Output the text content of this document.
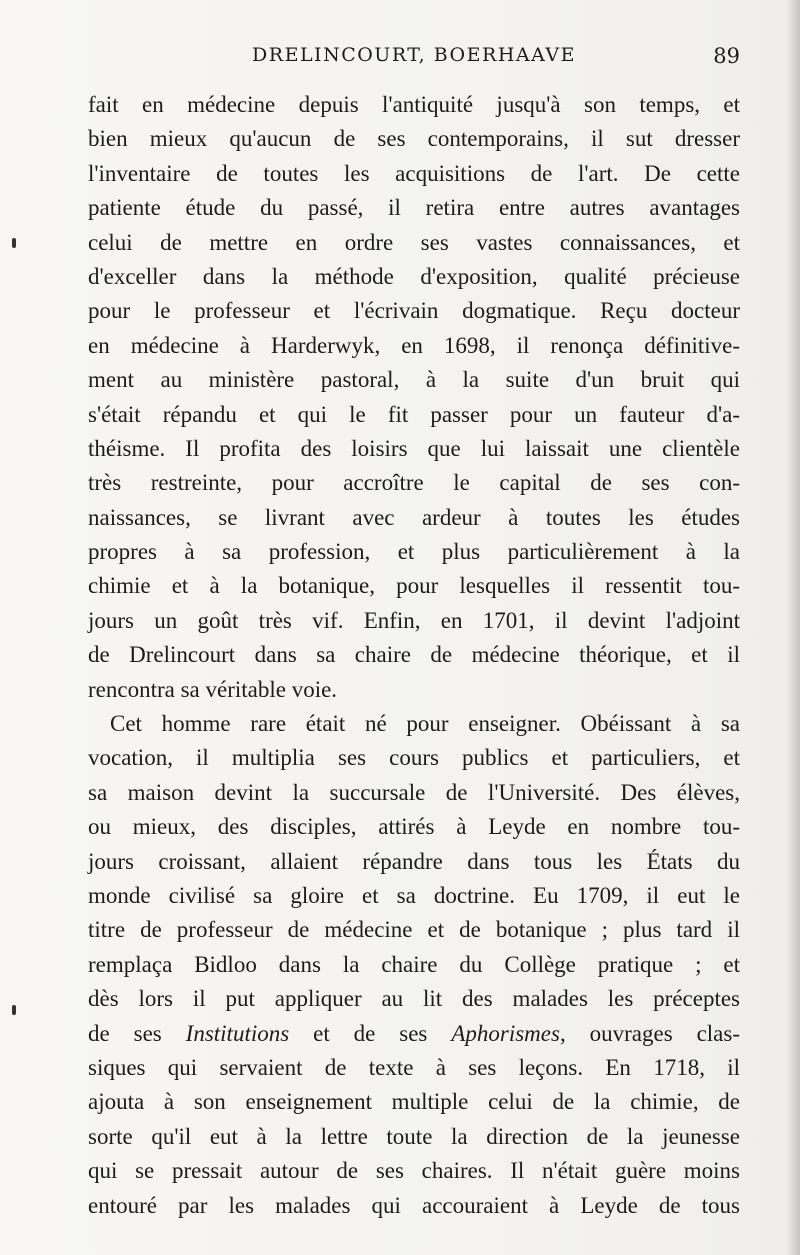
DRELINCOURT, BOERHAAVE	89
fait en médecine depuis l'antiquité jusqu'à son temps, et
bien mieux qu'aucun de ses contemporains, il sut dresser
l'inventaire de toutes les acquisitions de l'art. De cette
patiente étude du passé, il retira entre autres avantages
celui de mettre en ordre ses vastes connaissances, et
d'exceller dans la méthode d'exposition, qualité précieuse
pour le professeur et l'écrivain dogmatique. Reçu docteur
en médecine à Harderwyk, en 1698, il renonça définitive-
ment au ministère pastoral, à la suite d'un bruit qui
s'était répandu et qui le fit passer pour un fauteur d'a-
théisme. Il profita des loisirs que lui laissait une clientèle
très restreinte, pour accroître le capital de ses con-
naissances, se livrant avec ardeur à toutes les études
propres à sa profession, et plus particulièrement à la
chimie et à la botanique, pour lesquelles il ressentit tou-
jours un goût très vif. Enfin, en 1701, il devint l'adjoint
de Drelincourt dans sa chaire de médecine théorique, et il
rencontra sa véritable voie.
Cet homme rare était né pour enseigner. Obéissant à sa
vocation, il multiplia ses cours publics et particuliers, et
sa maison devint la succursale de l'Université. Des élèves,
ou mieux, des disciples, attirés à Leyde en nombre tou-
jours croissant, allaient répandre dans tous les États du
monde civilisé sa gloire et sa doctrine. Eu 1709, il eut le
titre de professeur de médecine et de botanique ; plus tard il
remplaça Bidloo dans la chaire du Collège pratique ; et
dès lors il put appliquer au lit des malades les préceptes
de ses Institutions et de ses Aphorismes, ouvrages clas-
siques qui servaient de texte à ses leçons. En 1718, il
ajouta à son enseignement multiple celui de la chimie, de
sorte qu'il eut à la lettre toute la direction de la jeunesse
qui se pressait autour de ses chaires. Il n'était guère moins
entouré par les malades qui accouraient à Leyde de tous
